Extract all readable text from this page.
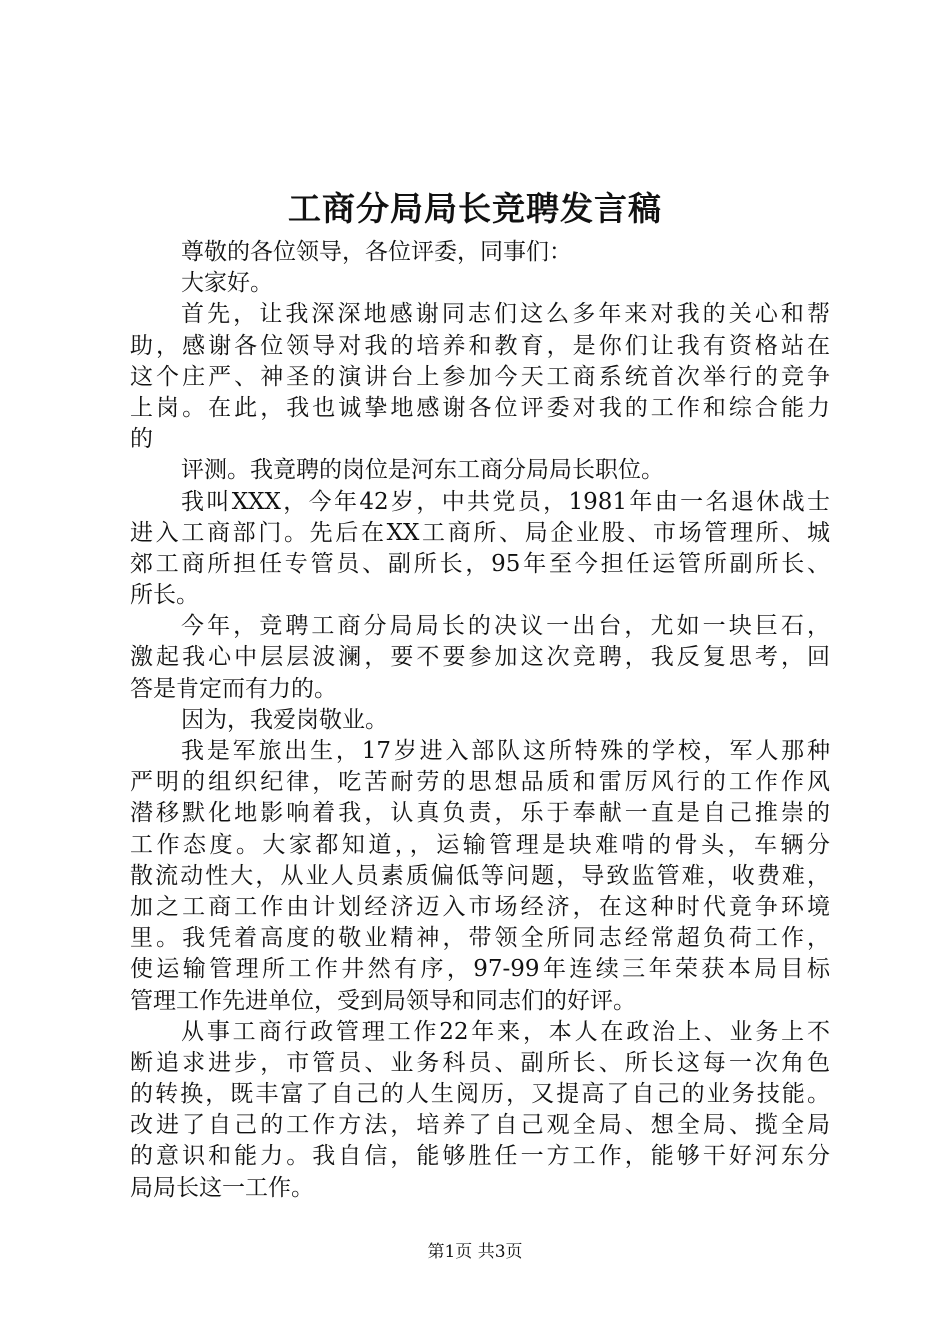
工商分局局长竞聘发言稿
尊敬的各位领导，各位评委，同事们：
大家好。
首先，让我深深地感谢同志们这么多年来对我的关心和帮
助，感谢各位领导对我的培养和教育，是你们让我有资格站在
这个庄严、神圣的演讲台上参加今天工商系统首次举行的竞争
上岗。在此，我也诚挚地感谢各位评委对我的工作和综合能力
的
评测。我竟聘的岗位是河东工商分局局长职位。
我叫XXX，今年42岁，中共党员，1981年由一名退休战士
进入工商部门。先后在XX工商所、局企业股、市场管理所、城
郊工商所担任专管员、副所长，95年至今担任运管所副所长、
所长。
今年，竞聘工商分局局长的决议一出台，尤如一块巨石，
激起我心中层层波澜，要不要参加这次竞聘，我反复思考，回
答是肯定而有力的。
因为，我爱岗敬业。
我是军旅出生，17岁进入部队这所特殊的学校，军人那种
严明的组织纪律，吃苦耐劳的思想品质和雷厉风行的工作作风
潜移默化地影响着我，认真负责，乐于奉献一直是自己推崇的
工作态度。大家都知道，，运输管理是块难啃的骨头，车辆分
散流动性大，从业人员素质偏低等问题，导致监管难，收费难，
加之工商工作由计划经济迈入市场经济，在这种时代竟争环境
里。我凭着高度的敬业精神，带领全所同志经常超负荷工作，
使运输管理所工作井然有序，97-99年连续三年荣获本局目标
管理工作先进单位，受到局领导和同志们的好评。
从事工商行政管理工作22年来，本人在政治上、业务上不
断追求进步，市管员、业务科员、副所长、所长这每一次角色
的转换，既丰富了自己的人生阅历，又提高了自己的业务技能。
改进了自己的工作方法，培养了自己观全局、想全局、揽全局
的意识和能力。我自信，能够胜任一方工作，能够干好河东分
局局长这一工作。
第1页 共3页
